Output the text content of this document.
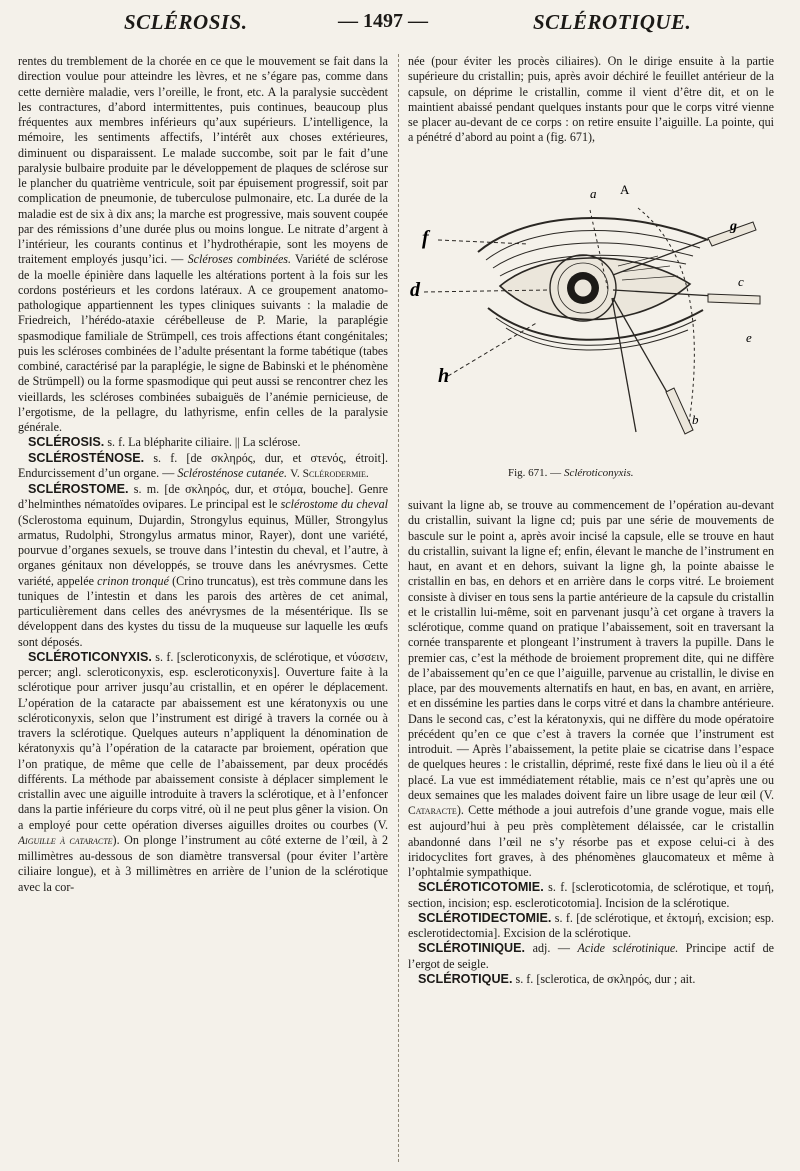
SCLÉROSIS.	— 1497 —	SCLÉROTIQUE.

rentes du tremblement de la chorée en ce que le mouvement se fait dans la direction voulue pour atteindre les lèvres, et ne s’égare pas, comme dans cette dernière maladie, vers l’oreille, le front, etc. A la paralysie succèdent les contractures, d’abord intermittentes, puis continues, beaucoup plus fréquentes aux membres inférieurs qu’aux supérieurs. L’intelligence, la mémoire, les sentiments affectifs, l’intérêt aux choses extérieures, diminuent ou disparaissent. Le malade succombe, soit par le fait d’une paralysie bulbaire produite par le développement de plaques de sclérose sur le plancher du quatrième ventricule, soit par épuisement progressif, soit par complication de pneumonie, de tuberculose pulmonaire, etc. La durée de la maladie est de six à dix ans; la marche est progressive, mais souvent coupée par des rémissions d’une durée plus ou moins longue. Le nitrate d’argent à l’intérieur, les courants continus et l’hydrothérapie, sont les moyens de traitement employés jusqu’ici. — Scléroses combinées. Variété de sclérose de la moelle épinière dans laquelle les altérations portent à la fois sur les cordons postérieurs et les cordons latéraux. A ce groupement anatomo-pathologique appartiennent les types cliniques suivants : la maladie de Friedreich, l’hérédo-ataxie cérébelleuse de P. Marie, la paraplégie spasmodique familiale de Strümpell, ces trois affections étant congénitales; puis les scléroses combinées de l’adulte présentant la forme tabétique (tabes combiné, caractérisé par la paraplégie, le signe de Babinski et le phénomène de Strümpell) ou la forme spasmodique qui peut aussi se rencontrer chez les vieillards, les scléroses combinées subaiguës de l’anémie pernicieuse, de l’ergotisme, de la pellagre, du lathyrisme, enfin celles de la paralysie générale.

SCLÉROSIS. s. f. La blépharite ciliaire. || La sclérose.

SCLÉROSTÉNOSE. s. f. [de σκληρός, dur, et στενός, étroit]. Endurcissement d’un organe. — Sclérosténose cutanée. V. Sclérodermie.

SCLÉROSTOME. s. m. [de σκληρός, dur, et στόμα, bouche]. Genre d’helminthes nématoïdes ovipares. Le principal est le sclérostome du cheval (Sclerostoma equinum, Dujardin, Strongylus equinus, Müller, Strongylus armatus, Rudolphi, Strongylus armatus minor, Rayer), dont une variété, pourvue d’organes sexuels, se trouve dans l’intestin du cheval, et l’autre, à organes génitaux non développés, se trouve dans les anévrysmes. Cette variété, appelée crinon tronqué (Crino truncatus), est très commune dans les tuniques de l’intestin et dans les parois des artères de cet animal, particulièrement dans celles des anévrysmes de la mésentérique. Ils se développent dans des kystes du tissu de la muqueuse sur laquelle les œufs sont déposés.

SCLÉROTICONYXIS. s. f. [scleroticonyxis, de sclérotique, et νύσσειν, percer; angl. scleroticonyxis, esp. escleroticonyxis]. Ouverture faite à la sclérotique pour arriver jusqu’au cristallin, et en opérer le déplacement. L’opération de la cataracte par abaissement est une kératonyxis ou une scléroticonyxis, selon que l’instrument est dirigé à travers la cornée ou à travers la sclérotique. Quelques auteurs n’appliquent la dénomination de kératonyxis qu’à l’opération de la cataracte par broiement, opération que l’on pratique, de même que celle de l’abaissement, par deux procédés différents. La méthode par abaissement consiste à déplacer simplement le cristallin avec une aiguille introduite à travers la sclérotique, et à l’enfoncer dans la partie inférieure du corps vitré, où il ne peut plus gêner la vision. On a employé pour cette opération diverses aiguilles droites ou courbes (V. Aiguille à cataracte). On plonge l’instrument au côté externe de l’œil, à 2 millimètres au-dessous de son diamètre transversal (pour éviter l’artère ciliaire longue), et à 3 millimètres en arrière de l’union de la sclérotique avec la cor-

née (pour éviter les procès ciliaires). On le dirige ensuite à la partie supérieure du cristallin; puis, après avoir déchiré le feuillet antérieur de la capsule, on déprime le cristallin, comme il vient d’être dit, et on le maintient abaissé pendant quelques instants pour que le corps vitré vienne se placer au-devant de ce corps : on retire ensuite l’aiguille. La pointe, qui a pénétré d’abord au point a (fig. 671),

a A
f
g
d	c
e
h
b
Fig. 671. — Scléroticonyxis.

suivant la ligne ab, se trouve au commencement de l’opération au-devant du cristallin, suivant la ligne cd; puis par une série de mouvements de bascule sur le point a, après avoir incisé la capsule, elle se trouve en haut du cristallin, suivant la ligne ef; enfin, élevant le manche de l’instrument en haut, en avant et en dehors, suivant la ligne gh, la pointe abaisse le cristallin en bas, en dehors et en arrière dans le corps vitré. Le broiement consiste à diviser en tous sens la partie antérieure de la capsule du cristallin et le cristallin lui-même, soit en parvenant jusqu’à cet organe à travers la sclérotique, comme quand on pratique l’abaissement, soit en traversant la cornée transparente et plongeant l’instrument à travers la pupille. Dans le premier cas, c’est la méthode de broiement proprement dite, qui ne diffère de l’abaissement qu’en ce que l’aiguille, parvenue au cristallin, le divise en place, par des mouvements alternatifs en haut, en bas, en avant, en arrière, et en dissémine les parties dans le corps vitré et dans la chambre antérieure. Dans le second cas, c’est la kératonyxis, qui ne diffère du mode opératoire précédent qu’en ce que c’est à travers la cornée que l’instrument est introduit. — Après l’abaissement, la petite plaie se cicatrise dans l’espace de quelques heures : le cristallin, déprimé, reste fixé dans le lieu où il a été placé. La vue est immédiatement rétablie, mais ce n’est qu’après une ou deux semaines que les malades doivent faire un libre usage de leur œil (V. Cataracte). Cette méthode a joui autrefois d’une grande vogue, mais elle est aujourd’hui à peu près complètement délaissée, car le cristallin abandonné dans l’œil ne s’y résorbe pas et expose celui-ci à des iridocyclites fort graves, à des phénomènes glaucomateux et même à l’ophtalmie sympathique.

SCLÉROTICOTOMIE. s. f. [scleroticotomia, de sclérotique, et τομή, section, incision; esp. escleroticotomia]. Incision de la sclérotique.

SCLÉROTIDECTOMIE. s. f. [de sclérotique, et ἐκτομή, excision; esp. esclerotidectomia]. Excision de la sclérotique.

SCLÉROTINIQUE. adj. — Acide sclérotinique. Principe actif de l’ergot de seigle.

SCLÉROTIQUE. s. f. [sclerotica, de σκληρός, dur ; ait.
